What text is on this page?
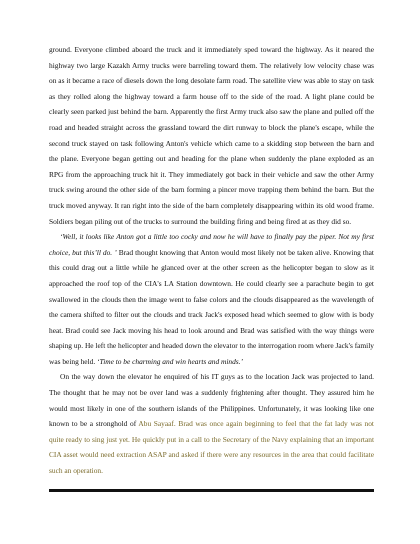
ground. Everyone climbed aboard the truck and it immediately sped toward the highway. As it neared the highway two large Kazakh Army trucks were barreling toward them. The relatively low velocity chase was on as it became a race of diesels down the long desolate farm road. The satellite view was able to stay on task as they rolled along the highway toward a farm house off to the side of the road. A light plane could be clearly seen parked just behind the barn. Apparently the first Army truck also saw the plane and pulled off the road and headed straight across the grassland toward the dirt runway to block the plane's escape, while the second truck stayed on task following Anton's vehicle which came to a skidding stop between the barn and the plane. Everyone began getting out and heading for the plane when suddenly the plane exploded as an RPG from the approaching truck hit it. They immediately got back in their vehicle and saw the other Army truck swing around the other side of the barn forming a pincer move trapping them behind the barn. But the truck moved anyway. It ran right into the side of the barn completely disappearing within its old wood frame. Soldiers began piling out of the trucks to surround the building firing and being fired at as they did so.

‘Well, it looks like Anton got a little too cocky and now he will have to finally pay the piper. Not my first choice, but this’ll do. ’ Brad thought knowing that Anton would most likely not be taken alive. Knowing that this could drag out a little while he glanced over at the other screen as the helicopter began to slow as it approached the roof top of the CIA's LA Station downtown. He could clearly see a parachute begin to get swallowed in the clouds then the image went to false colors and the clouds disappeared as the wavelength of the camera shifted to filter out the clouds and track Jack's exposed head which seemed to glow with is body heat. Brad could see Jack moving his head to look around and Brad was satisfied with the way things were shaping up. He left the helicopter and headed down the elevator to the interrogation room where Jack's family was being held. ‘Time to be charming and win hearts and minds.’

On the way down the elevator he enquired of his IT guys as to the location Jack was projected to land. The thought that he may not be over land was a suddenly frightening after thought. They assured him he would most likely in one of the southern islands of the Philippines. Unfortunately, it was looking like one known to be a stronghold of Abu Sayaaf. Brad was once again beginning to feel that the fat lady was not quite ready to sing just yet. He quickly put in a call to the Secretary of the Navy explaining that an important CIA asset would need extraction ASAP and asked if there were any resources in the area that could facilitate such an operation.
